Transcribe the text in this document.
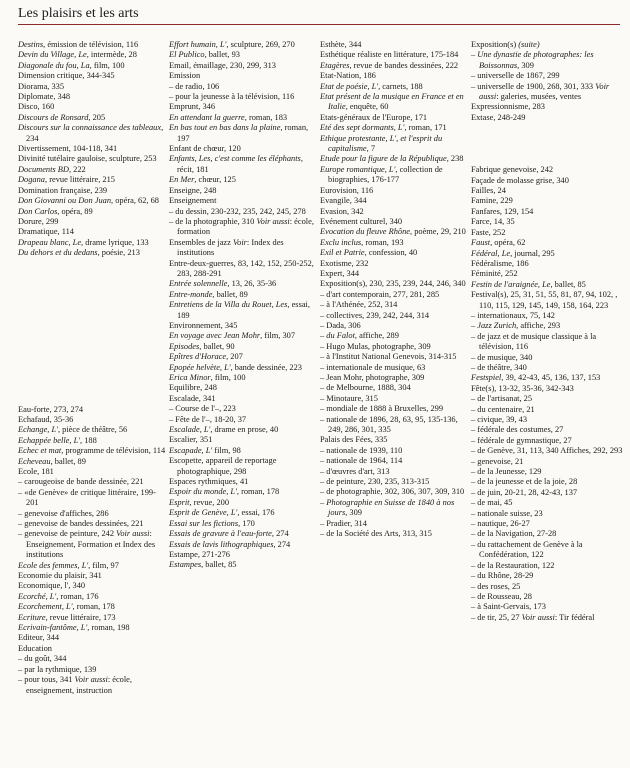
Les plaisirs et les arts
Destins, émission de télévision, 116
Devin du Village, Le, intermède, 28
Diagonale du fou, La, film, 100
Dimension critique, 344-345
Diorama, 335
Diplomate, 348
Disco, 160
Discours de Ronsard, 205
Discours sur la connaissance des tableaux, 234
Divertissement, 104-118, 341
Divinité tutélaire gauloise, sculpture, 253
Documents BD, 222
Dogana, revue littéraire, 215
Domination française, 239
Don Giovanni ou Don Juan, opéra, 62, 68
Don Carlos, opéra, 89
Dorure, 299
Dramatique, 114
Drapeau blanc, Le, drame lyrique, 133
Du dehors et du dedans, poésie, 213
Eau-forte, 273, 274
Echafaud, 35-36
Echange, L', pièce de théâtre, 56
Echappée belle, L', 188
Echec et mat, programme de télévision, 114
Echeveau, ballet, 89
Ecole, 181
– carougeoise de bande dessinée, 221
– «de Genève» de critique littéraire, 199-201
– genevoise d'affiches, 286
– genevoise de bandes dessinées, 221
– genevoise de peinture, 242 Voir aussi: Enseignement, Formation et Index des institutions
Ecole des femmes, L', film, 97
Economie du plaisir, 341
Economique, l', 340
Ecorché, L', roman, 176
Ecorchement, L', roman, 178
Ecriture, revue littéraire, 173
Ecrivain-fantôme, L', roman, 198
Editeur, 344
Education
– du goût, 344
– par la rythmique, 139
– pour tous, 341 Voir aussi: école, enseignement, instruction
Effort humain, L', sculpture, 269, 270
El Publico, ballet, 93
Email, émaillage, 230, 299, 313
Emission
– de radio, 106
– pour la jeunesse à la télévision, 116
Emprunt, 346
En attendant la guerre, roman, 183
En bas tout en bas dans la plaine, roman, 197
Enfant de chœur, 120
Enfants, Les, c'est comme les éléphants, récit, 181
En Mer, chœur, 125
Enseigne, 248
Enseignement
– du dessin, 230-232, 235, 242, 245, 278
– de la photographie, 310 Voir aussi: école, formation
Ensembles de jazz Voir: Index des institutions
Entre-deux-guerres, 83, 142, 152, 250-252, 283, 288-291
Entrée solennelle, 13, 26, 35-36
Entre-monde, ballet, 89
Entretiens de la Villa du Rouet, Les, essai, 189
Environnement, 345
En voyage avec Jean Mohr, film, 307
Episodes, ballet, 90
Epîtres d'Horace, 207
Epopée helvète, L', bande dessinée, 223
Erica Minor, film, 100
Equilibre, 248
Escalade, 341
– Course de l'–, 223
– Fête de l'–, 18-20, 37
Escalade, L', drame en prose, 40
Escalier, 351
Escapade, L' film, 98
Escopette, appareil de reportage photographique, 298
Espaces rythmiques, 41
Espoir du monde, L', roman, 178
Esprit, revue, 200
Esprit de Genève, L', essai, 176
Essai sur les fictions, 170
Essais de gravure à l'eau-forte, 274
Essais de lavis lithographiques, 274
Estampe, 271-276
Estampes, ballet, 85
Esthète, 344
Esthétique réaliste en littérature, 175-184
Etagères, revue de bandes dessinées, 222
Etat-Nation, 186
Etat de poésie, L', carnets, 188
Etat présent de la musique en France et en Italie, enquête, 60
Etats-généraux de l'Europe, 171
Eté des sept dormants, L', roman, 171
Ethique protestante, L', et l'esprit du capitalisme, 7
Etude pour la figure de la République, 238
Europe romantique, L', collection de biographies, 176-177
Eurovision, 116
Evangile, 344
Evasion, 342
Evénement culturel, 340
Evocation du fleuve Rhône, poème, 29, 210
Exclu inclus, roman, 193
Exil et Patrie, confession, 40
Exotisme, 232
Expert, 344
Exposition(s), 230, 235, 239, 244, 246, 340
– d'art contemporain, 277, 281, 285
– à l'Athénée, 252, 314
– collectives, 239, 242, 244, 314
– Dada, 306
– du Falot, affiche, 289
– Hugo Mulas, photographe, 309
– à l'Institut National Genevois, 314-315
– internationale de musique, 63
– Jean Mohr, photographe, 309
– de Melbourne, 1888, 304
– Minotaure, 315
– mondiale de 1888 à Bruxelles, 299
– nationale de 1896, 28, 63, 95, 135-136, 249, 286, 301, 335
Palais des Fées, 335
– nationale de 1939, 110
– nationale de 1964, 114
– d'œuvres d'art, 313
– de peinture, 230, 235, 313-315
– de photographie, 302, 306, 307, 309, 310
– Photographie en Suisse de 1840 à nos jours, 309
– Pradier, 314
– de la Société des Arts, 313, 315
Exposition(s) (suite)
– Une dynastie de photographes: les Boissonnas, 309
– universelle de 1867, 299
– universelle de 1900, 268, 301, 333 Voir aussi: galeries, musées, ventes
Expressionnisme, 283
Extase, 248-249
Fabrique genevoise, 242
Façade de molasse grise, 340
Failles, 24
Famine, 229
Fanfares, 129, 154
Farce, 14, 35
Faste, 252
Faust, opéra, 62
Fédéral, Le, journal, 295
Fédéralisme, 186
Féminité, 252
Festin de l'araignée, Le, ballet, 85
Festival(s), 25, 31, 51, 55, 81, 87, 94, 102, , 110, 115, 129, 145, 149, 158, 164, 223
– internationaux, 75, 142
– Jazz Zurich, affiche, 293
– de jazz et de musique classique à la télévision, 116
– de musique, 340
– de théâtre, 340
Festspiel, 39, 42-43, 45, 136, 137, 153
Fête(s), 13-32, 35-36, 342-343
– de l'artisanat, 25
– du centenaire, 21
– civique, 39, 43
– fédérale des costumes, 27
– fédérale de gymnastique, 27
– de Genève, 31, 113, 340 Affiches, 292, 293
– genevoise, 21
– de la Jeunesse, 129
– de la jeunesse et de la joie, 28
– de juin, 20-21, 28, 42-43, 137
– de mai, 45
– nationale suisse, 23
– nautique, 26-27
– de la Navigation, 27-28
– du rattachement de Genève à la Confédération, 122
– de la Restauration, 122
– du Rhône, 28-29
– des roses, 25
– de Rousseau, 28
– à Saint-Gervais, 173
– de tir, 25, 27 Voir aussi: Tir fédéral
